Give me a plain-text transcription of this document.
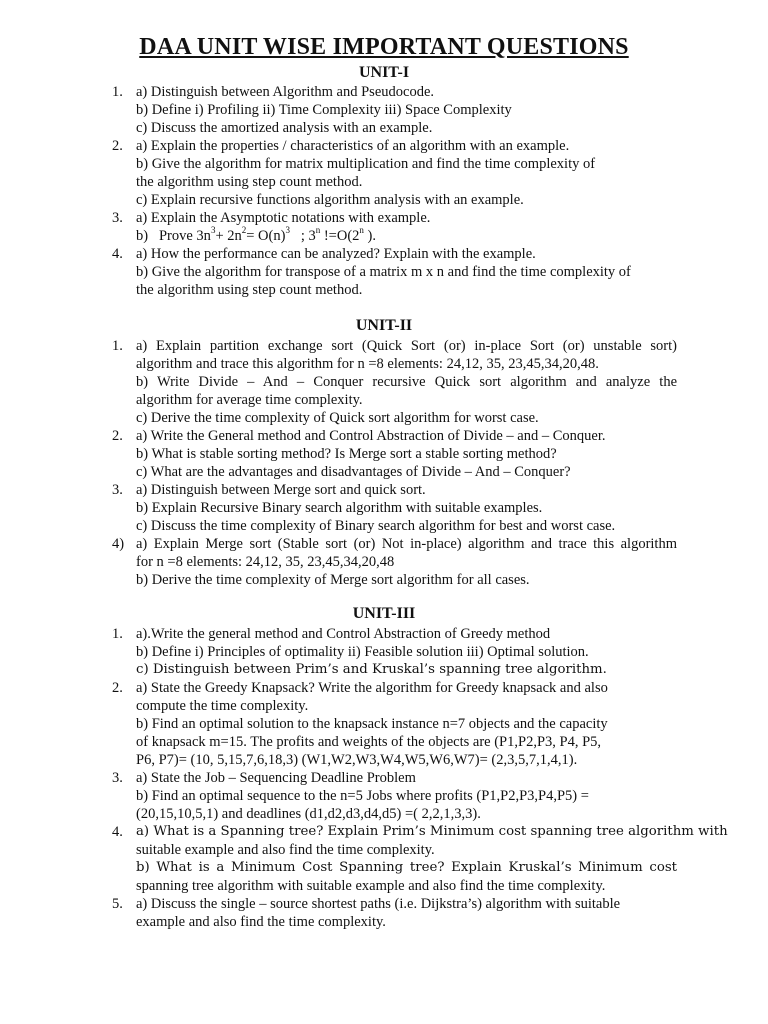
DAA UNIT WISE IMPORTANT QUESTIONS
UNIT-I
1. a) Distinguish between Algorithm and Pseudocode.
b) Define i) Profiling ii) Time Complexity iii) Space Complexity
c) Discuss the amortized analysis with an example.
2. a) Explain the properties / characteristics of an algorithm with an example.
b) Give the algorithm for matrix multiplication and find the time complexity of
the algorithm using step count method.
c) Explain recursive functions algorithm analysis with an example.
3. a) Explain the Asymptotic notations with example.
b) Prove $3n^3+ 2n^2= O(n)^3$   ; 3$^n$ $!=O(2^n$ ).
4. a) How the performance can be analyzed? Explain with the example.
b) Give the algorithm for transpose of a matrix m x n and find the time complexity of
the algorithm using step count method.
UNIT-II
1. a) Explain partition exchange sort (Quick Sort (or) in-place Sort (or) unstable sort)
algorithm and trace this algorithm for n =8 elements: 24,12, 35, 23,45,34,20,48.
b) Write Divide – And – Conquer recursive Quick sort algorithm and analyze the
algorithm for average time complexity.
c) Derive the time complexity of Quick sort algorithm for worst case.
2. a) Write the General method and Control Abstraction of Divide – and – Conquer.
b) What is stable sorting method? Is Merge sort a stable sorting method?
c) What are the advantages and disadvantages of Divide – And – Conquer?
3. a) Distinguish between Merge sort and quick sort.
b) Explain Recursive Binary search algorithm with suitable examples.
c) Discuss the time complexity of Binary search algorithm for best and worst case.
4) a) Explain Merge sort (Stable sort (or) Not in-place) algorithm and trace this algorithm
for n =8 elements: 24,12, 35, 23,45,34,20,48
b) Derive the time complexity of Merge sort algorithm for all cases.
UNIT-III
1. a).Write the general method and Control Abstraction of Greedy method
b) Define i) Principles of optimality ii) Feasible solution iii) Optimal solution.
c) Distinguish between Prim’s and Kruskal’s spanning tree algorithm.
2. a) State the Greedy Knapsack? Write the algorithm for Greedy knapsack and also
compute the time complexity.
b) Find an optimal solution to the knapsack instance n=7 objects and the capacity
of knapsack m=15. The profits and weights of the objects are (P1,P2,P3, P4, P5,
P6, P7)= (10, 5,15,7,6,18,3) (W1,W2,W3,W4,W5,W6,W7)= (2,3,5,7,1,4,1).
3. a) State the Job – Sequencing Deadline Problem
b) Find an optimal sequence to the n=5 Jobs where profits (P1,P2,P3,P4,P5) =
(20,15,10,5,1) and deadlines (d1,d2,d3,d4,d5) =( 2,2,1,3,3).
4. a) What is a Spanning tree? Explain Prim’s Minimum cost spanning tree algorithm with
suitable example and also find the time complexity.
b) What is a Minimum Cost Spanning tree? Explain Kruskal’s Minimum cost
spanning tree algorithm with suitable example and also find the time complexity.
5. a) Discuss the single – source shortest paths (i.e. Dijkstra’s) algorithm with suitable
example and also find the time complexity.
